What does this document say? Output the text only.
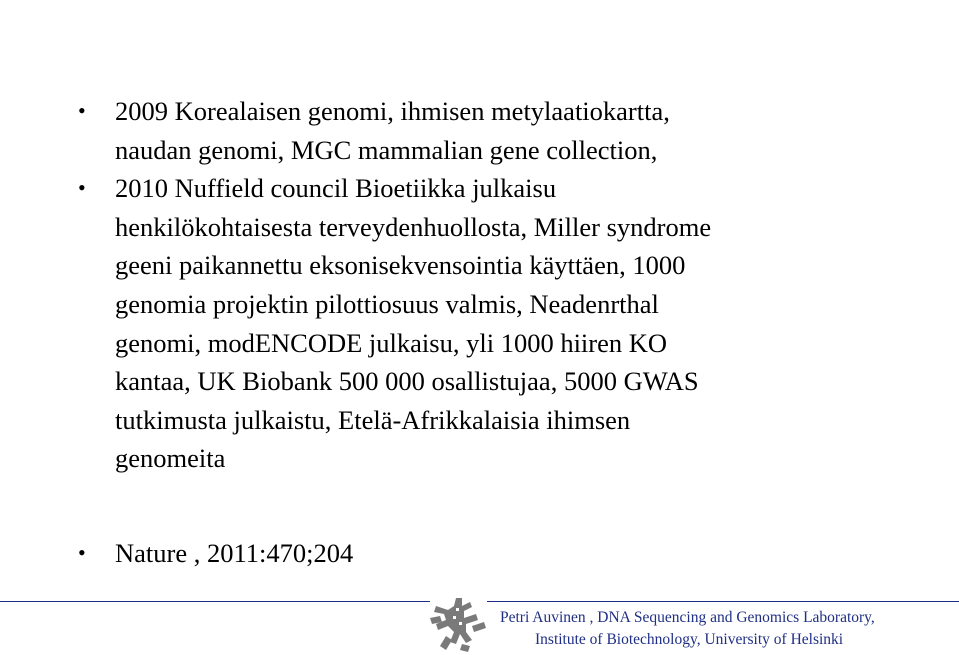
• 2009 Korealaisen genomi, ihmisen metylaatiokartta,
naudan genomi, MGC mammalian gene collection,
• 2010 Nuffield council Bioetiikka julkaisu
henkilökohtaisesta terveydenhuollosta, Miller syndrome
geeni paikannettu eksonisekvensointia käyttäen, 1000
genomia projektin pilottiosuus valmis, Neadenrthal
genomi, modENCODE julkaisu, yli 1000 hiiren KO
kantaa, UK Biobank 500 000 osallistujaa, 5000 GWAS
tutkimusta julkaistu, Etelä-Afrikkalaisia ihimsen
genomeita
• Nature , 2011:470;204
Petri Auvinen , DNA Sequencing and Genomics Laboratory,
Institute of Biotechnology, University of Helsinki
